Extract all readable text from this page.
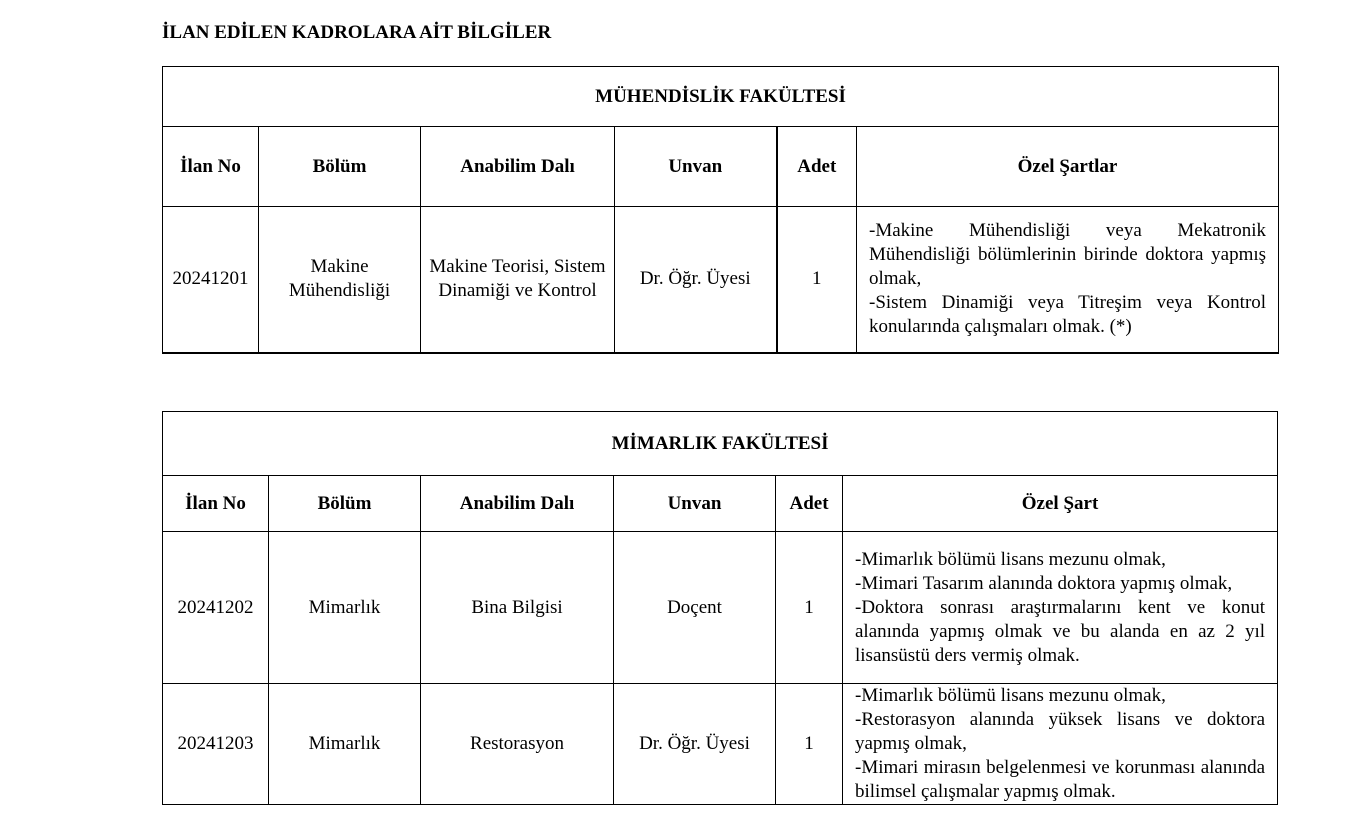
İLAN EDİLEN KADROLARA AİT BİLGİLER
MÜHENDİSLİK FAKÜLTESİ					
İlan No	Bölüm	Anabilim Dalı	Unvan	Adet	Özel Şartlar
20241201	Makine Mühendisliği	Makine Teorisi, Sistem Dinamiği ve Kontrol	Dr. Öğr. Üyesi	1	-Makine Mühendisliği veya Mekatronik Mühendisliği bölümlerinin birinde doktora yapmış olmak,
-Sistem Dinamiği veya Titreşim veya Kontrol konularında çalışmaları olmak. (*)
MİMARLIK FAKÜLTESİ					
İlan No	Bölüm	Anabilim Dalı	Unvan	Adet	Özel Şart
20241202	Mimarlık	Bina Bilgisi	Doçent	1	-Mimarlık bölümü lisans mezunu olmak,
-Mimari Tasarım alanında doktora yapmış olmak,
-Doktora sonrası araştırmalarını kent ve konut alanında yapmış olmak ve bu alanda en az 2 yıl lisansüstü ders vermiş olmak.

20241203	Mimarlık	Restorasyon	Dr. Öğr. Üyesi	1	-Mimarlık bölümü lisans mezunu olmak,
-Restorasyon alanında yüksek lisans ve doktora yapmış olmak,
-Mimari mirasın belgelenmesi ve korunması alanında bilimsel çalışmalar yapmış olmak.
